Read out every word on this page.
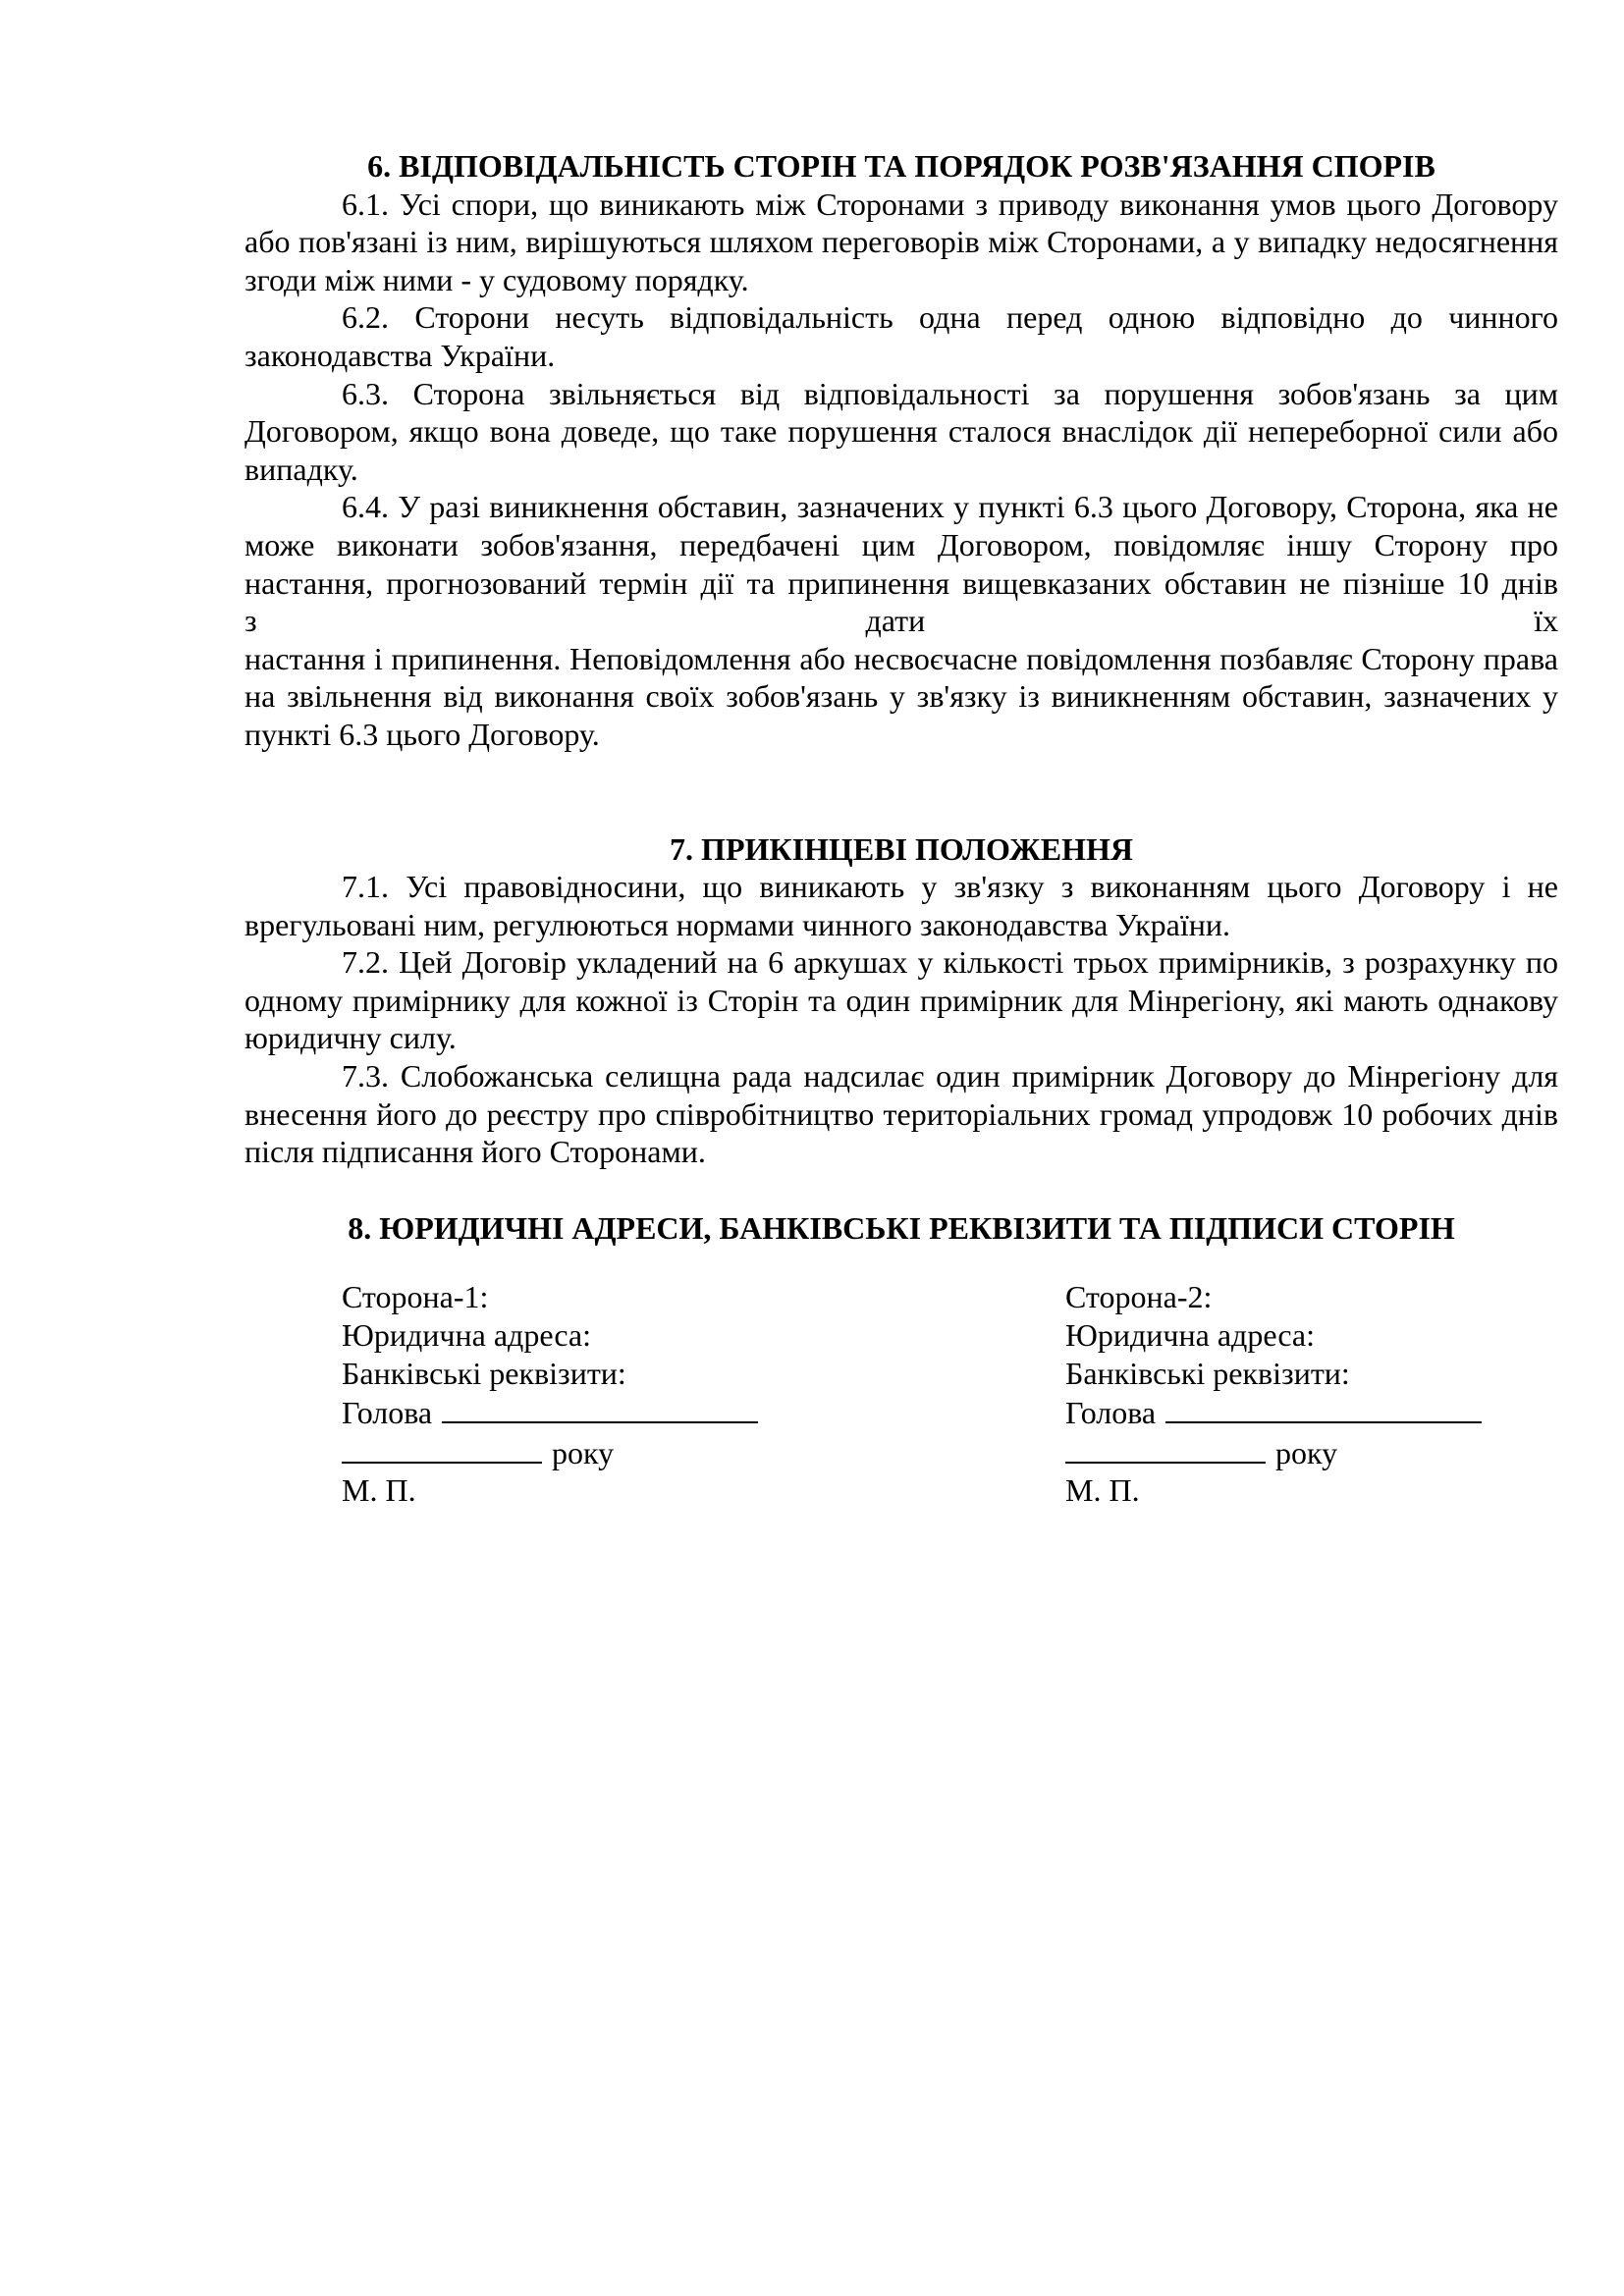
6. ВІДПОВІДАЛЬНІСТЬ СТОРІН ТА ПОРЯДОК РОЗВ'ЯЗАННЯ СПОРІВ

6.1. Усі спори, що виникають між Сторонами з приводу виконання умов цього Договору або пов'язані із ним, вирішуються шляхом переговорів між Сторонами, а у випадку недосягнення згоди між ними - у судовому порядку.

6.2. Сторони несуть відповідальність одна перед одною відповідно до чинного законодавства України.

6.3. Сторона звільняється від відповідальності за порушення зобов'язань за цим Договором, якщо вона доведе, що таке порушення сталося внаслідок дії непереборної сили або випадку.

6.4. У разі виникнення обставин, зазначених у пункті 6.3 цього Договору, Сторона, яка не може виконати зобов'язання, передбачені цим Договором, повідомляє іншу Сторону про настання, прогнозований термін дії та припинення вищевказаних обставин не пізніше 10 днів

з дати їх

настання і припинення. Неповідомлення або несвоєчасне повідомлення позбавляє Сторону права на звільнення від виконання своїх зобов'язань у зв'язку із виникненням обставин, зазначених у пункті 6.3 цього Договору.

7. ПРИКІНЦЕВІ ПОЛОЖЕННЯ

7.1. Усі правовідносини, що виникають у зв'язку з виконанням цього Договору і не врегульовані ним, регулюються нормами чинного законодавства України.

7.2. Цей Договір укладений на 6 аркушах у кількості трьох примірників, з розрахунку по одному примірнику для кожної із Сторін та один примірник для Мінрегіону, які мають однакову юридичну силу.

7.3. Слобожанська селищна рада надсилає один примірник Договору до Мінрегіону для внесення його до реєстру про співробітництво територіальних громад упродовж 10 робочих днів після підписання його Сторонами.

8. ЮРИДИЧНІ АДРЕСИ, БАНКІВСЬКІ РЕКВІЗИТИ ТА ПІДПИСИ СТОРІН

Сторона-1:

Юридична адреса:

Банківські реквізити:

Голова

року

М. П.

Сторона-2:

Юридична адреса:

Банківські реквізити:

Голова

року

М. П.
